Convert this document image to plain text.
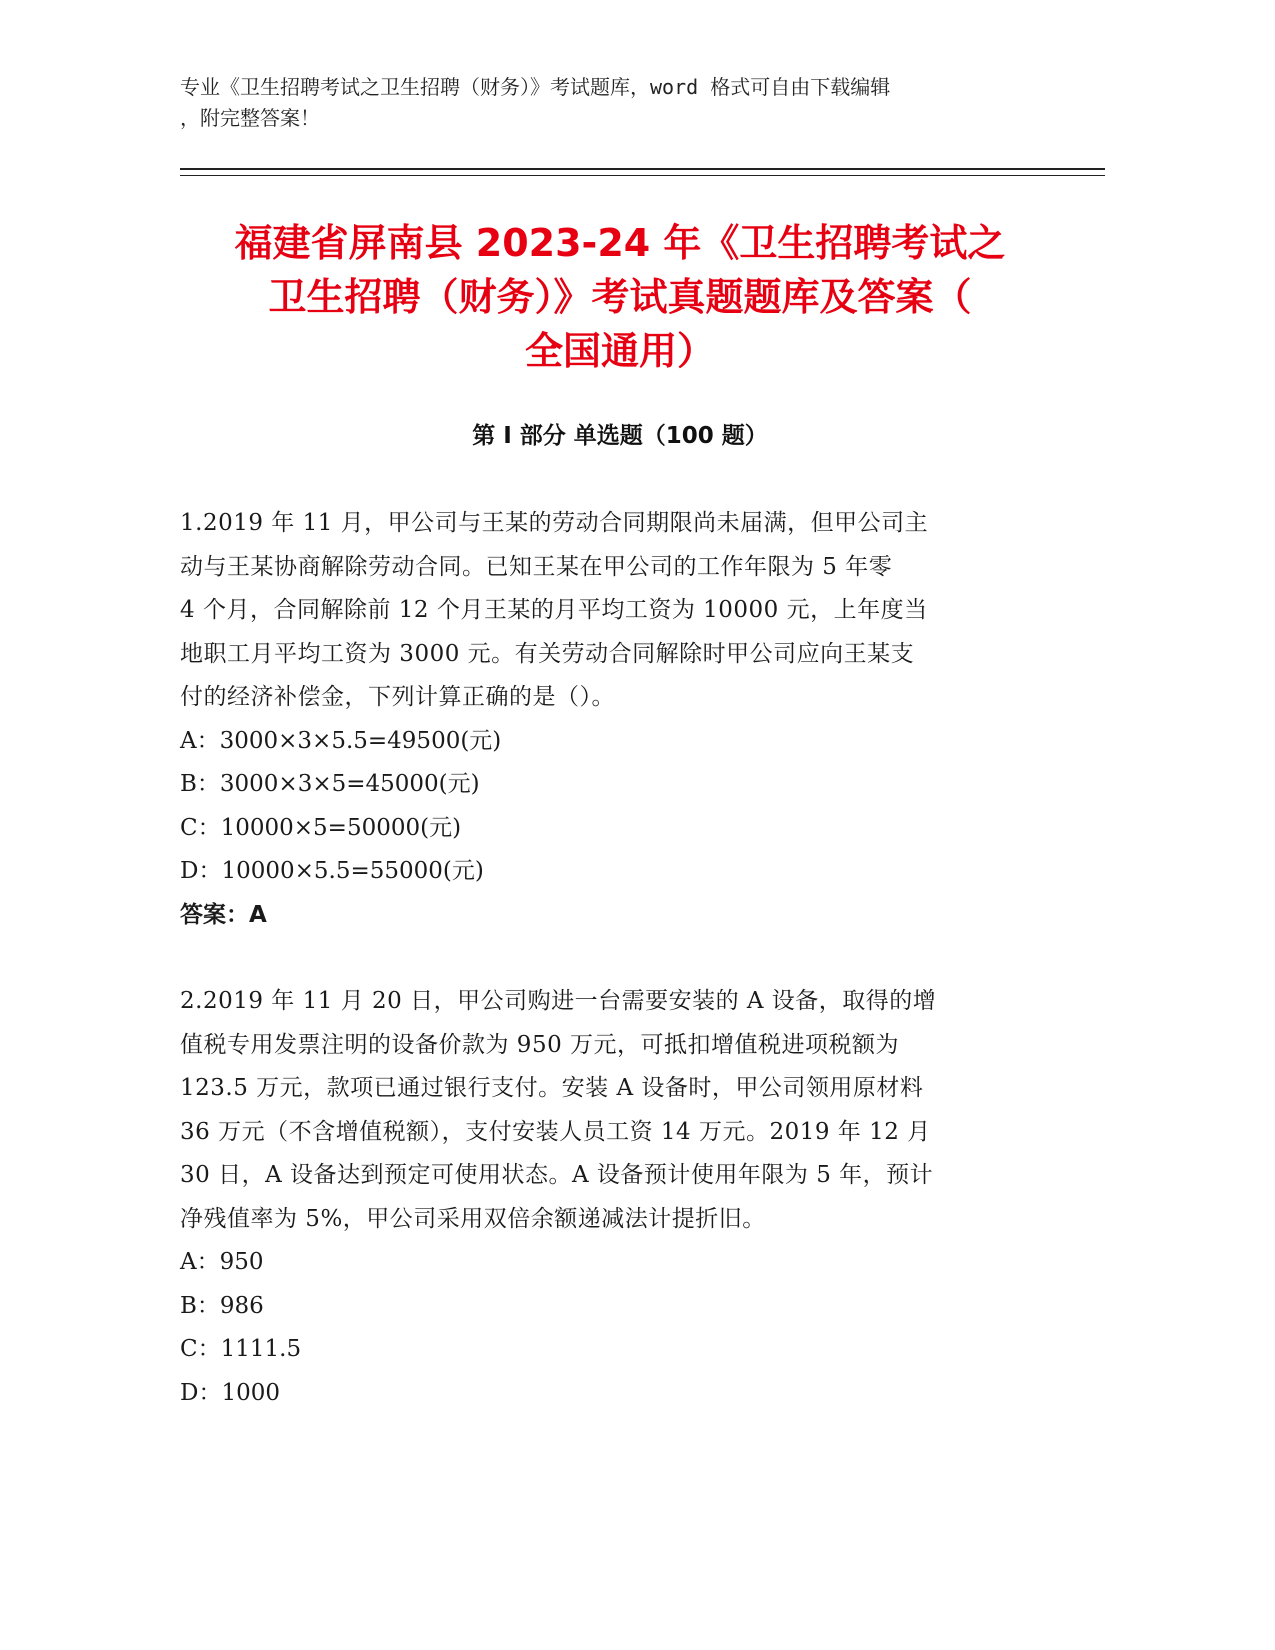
专业《卫生招聘考试之卫生招聘（财务）》考试题库，word 格式可自由下载编辑
，附完整答案！
福建省屏南县 2023-24 年《卫生招聘考试之
卫生招聘（财务）》考试真题题库及答案（
全国通用）
第 I 部分 单选题（100 题）

1.2019 年 11 月，甲公司与王某的劳动合同期限尚未届满，但甲公司主
动与王某协商解除劳动合同。已知王某在甲公司的工作年限为 5 年零
4 个月，合同解除前 12 个月王某的月平均工资为 10000 元，上年度当
地职工月平均工资为 3000 元。有关劳动合同解除时甲公司应向王某支
付的经济补偿金，下列计算正确的是（）。

A：3000×3×5.5=49500(元)

B：3000×3×5=45000(元)

C：10000×5=50000(元)

D：10000×5.5=55000(元)

答案：A

2.2019 年 11 月 20 日，甲公司购进一台需要安装的 A 设备，取得的增
值税专用发票注明的设备价款为 950 万元，可抵扣增值税进项税额为
123.5 万元，款项已通过银行支付。安装 A 设备时，甲公司领用原材料
36 万元（不含增值税额），支付安装人员工资 14 万元。2019 年 12 月
30 日，A 设备达到预定可使用状态。A 设备预计使用年限为 5 年，预计
净残值率为 5%，甲公司采用双倍余额递减法计提折旧。

A：950

B：986

C：1111.5

D：1000
